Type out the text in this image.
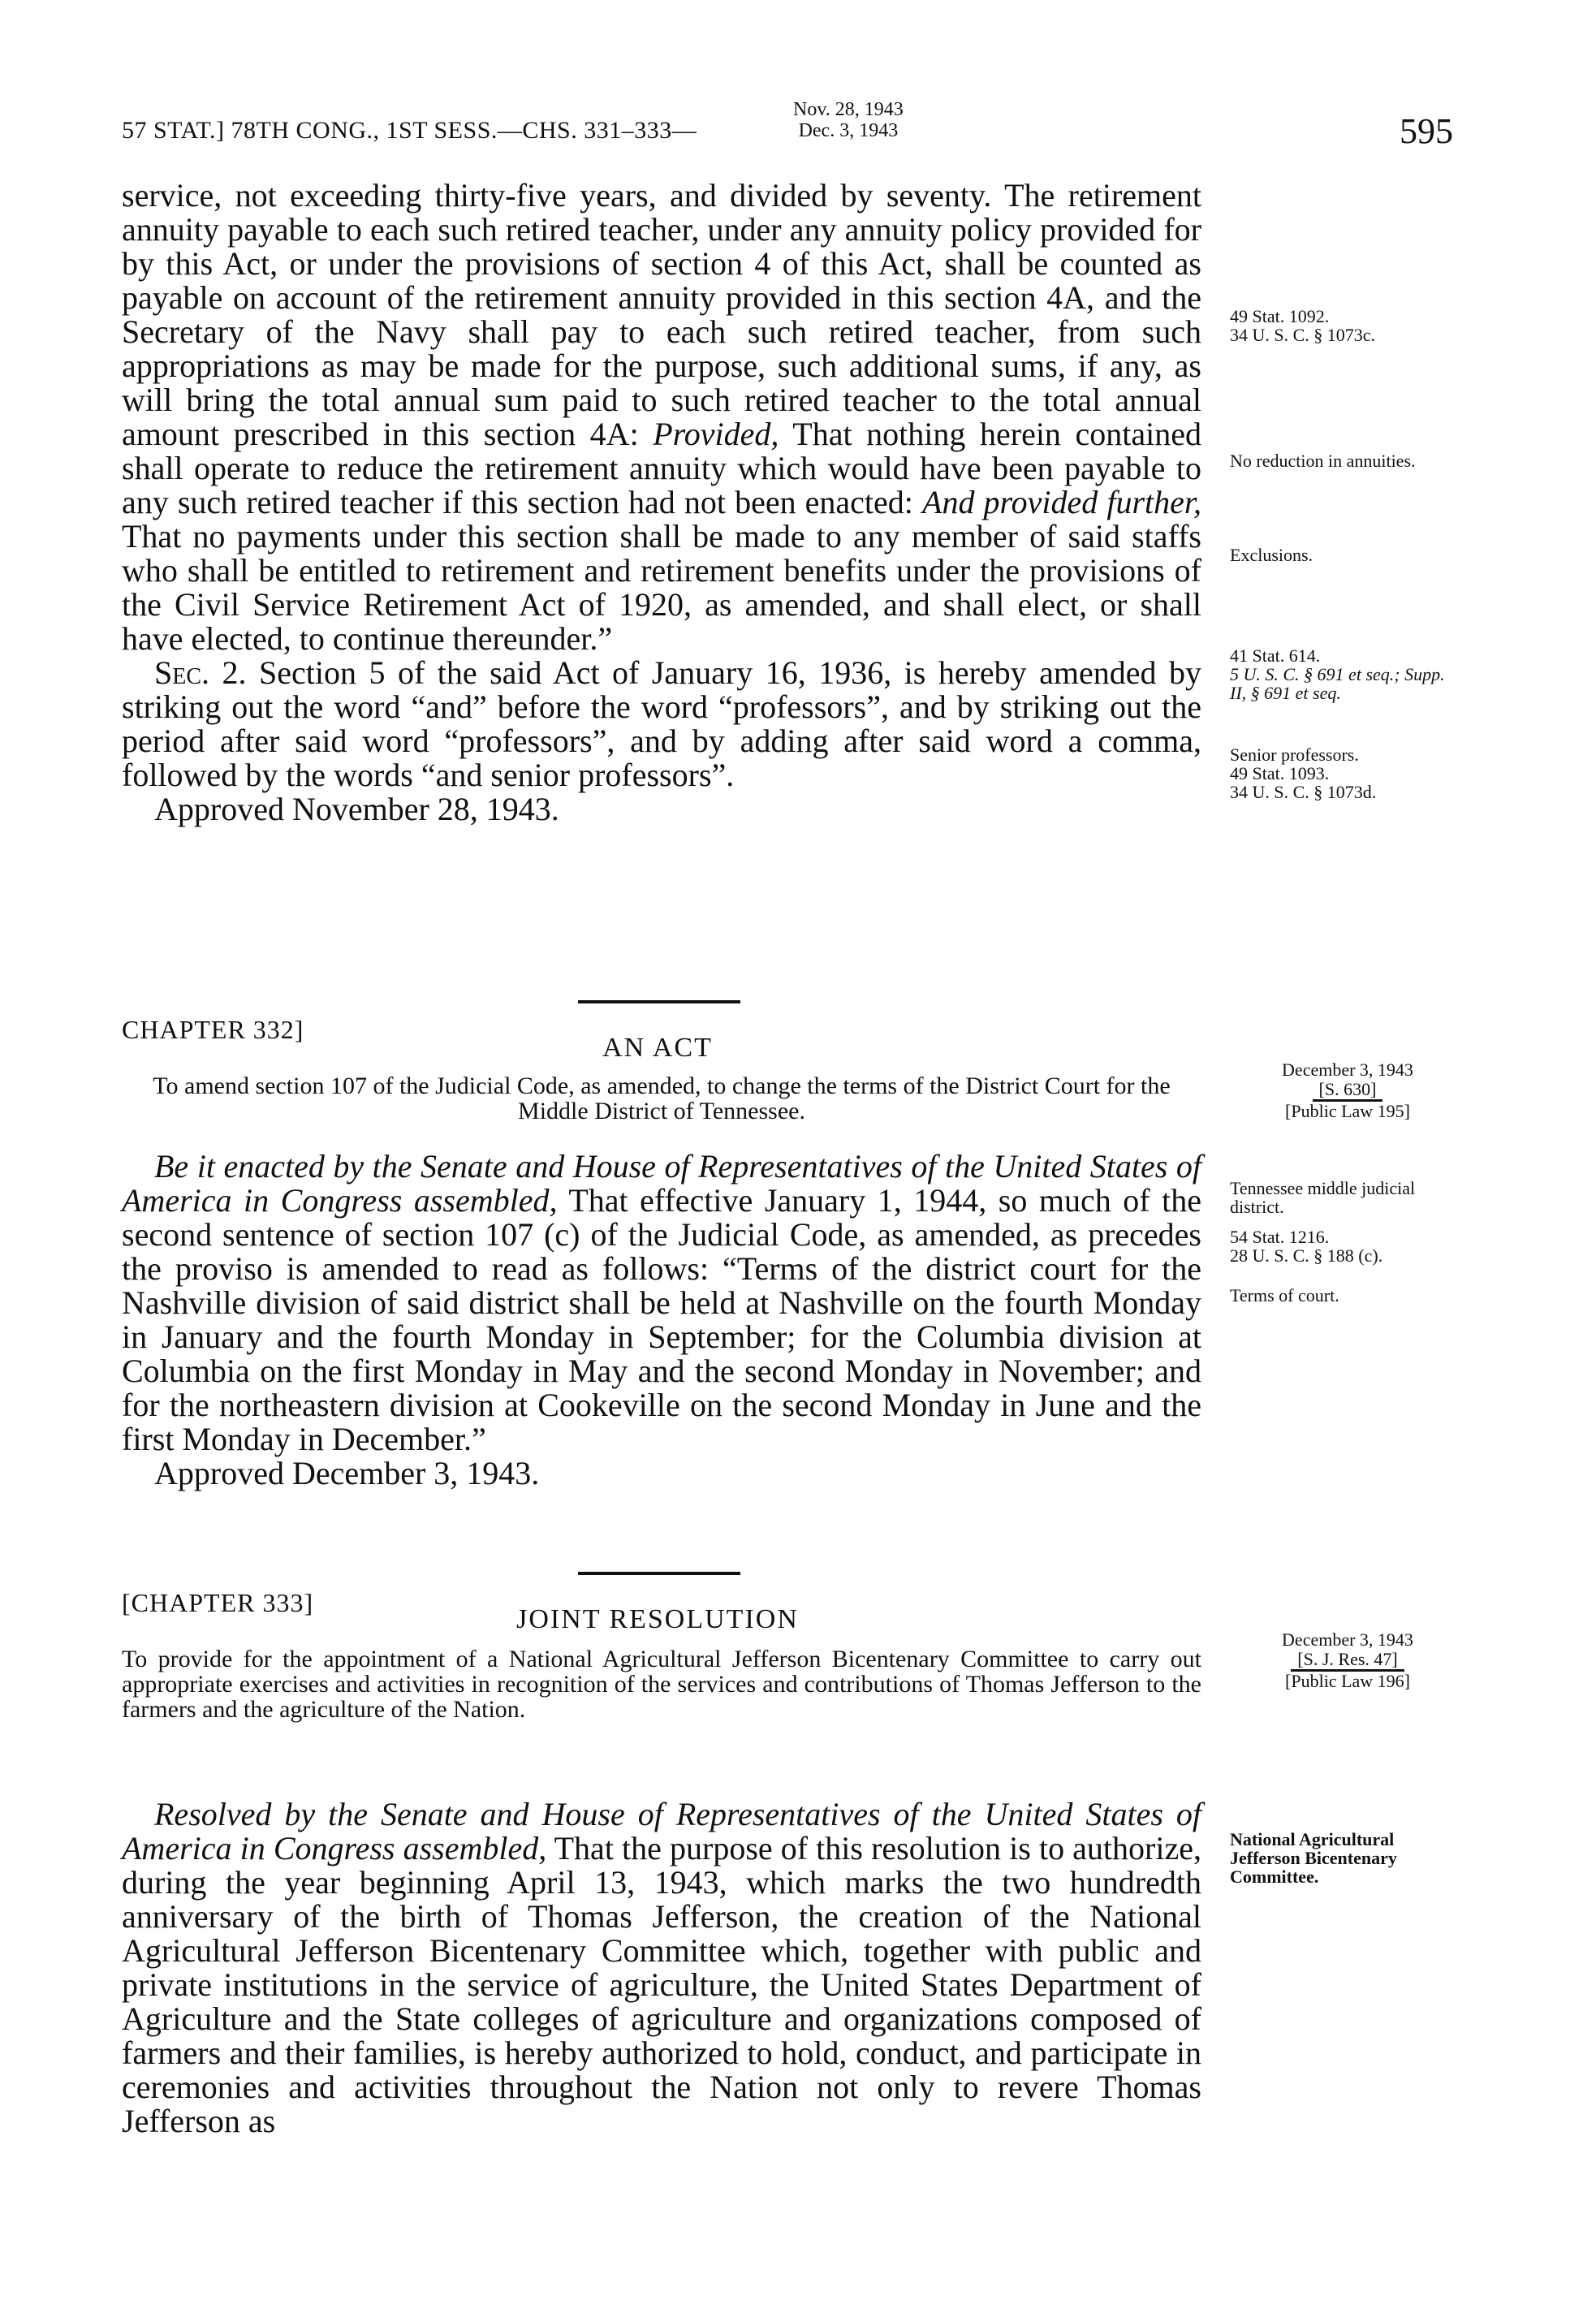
57 STAT.] 78TH CONG., 1ST SESS.—CHS. 331–333—
Nov. 28, 1943
Dec. 3, 1943	595

service, not exceeding thirty-five years, and divided by seventy. The retirement annuity payable to each such retired teacher, under any annuity policy provided for by this Act, or under the provisions of section 4 of this Act, shall be counted as payable on account of the retirement annuity provided in this section 4A, and the Secretary of the Navy shall pay to each such retired teacher, from such appropriations as may be made for the purpose, such additional sums, if any, as will bring the total annual sum paid to such retired teacher to the total annual amount prescribed in this section 4A: Provided, That nothing herein contained shall operate to reduce the retirement annuity which would have been payable to any such retired teacher if this section had not been enacted: And provided further, That no payments under this section shall be made to any member of said staffs who shall be entitled to retirement and retirement benefits under the provisions of the Civil Service Retirement Act of 1920, as amended, and shall elect, or shall have elected, to continue thereunder.”

Sec. 2. Section 5 of the said Act of January 16, 1936, is hereby amended by striking out the word “and” before the word “professors”, and by striking out the period after said word “professors”, and by adding after said word a comma, followed by the words “and senior professors”.

Approved November 28, 1943.

49 Stat. 1092.
34 U. S. C. § 1073c.
No reduction in annuities.
Exclusions.
41 Stat. 614.
5 U. S. C. § 691 et seq.; Supp. II, § 691 et seq.
Senior professors.
49 Stat. 1093.
34 U. S. C. § 1073d.
CHAPTER 332]
AN ACT
To amend section 107 of the Judicial Code, as amended, to change the terms of the District Court for the Middle District of Tennessee.
December 3, 1943
[S. 630]
[Public Law 195]

Be it enacted by the Senate and House of Representatives of the United States of America in Congress assembled, That effective January 1, 1944, so much of the second sentence of section 107 (c) of the Judicial Code, as amended, as precedes the proviso is amended to read as follows: “Terms of the district court for the Nashville division of said district shall be held at Nashville on the fourth Monday in January and the fourth Monday in September; for the Columbia division at Columbia on the first Monday in May and the second Monday in November; and for the northeastern division at Cookeville on the second Monday in June and the first Monday in December.”

Approved December 3, 1943.

Tennessee middle judicial district.
54 Stat. 1216.
28 U. S. C. § 188 (c).
Terms of court.
[CHAPTER 333]
JOINT RESOLUTION
To provide for the appointment of a National Agricultural Jefferson Bicentenary Committee to carry out appropriate exercises and activities in recognition of the services and contributions of Thomas Jefferson to the farmers and the agriculture of the Nation.
December 3, 1943
[S. J. Res. 47]
[Public Law 196]

Resolved by the Senate and House of Representatives of the United States of America in Congress assembled, That the purpose of this resolution is to authorize, during the year beginning April 13, 1943, which marks the two hundredth anniversary of the birth of Thomas Jefferson, the creation of the National Agricultural Jefferson Bicentenary Committee which, together with public and private institutions in the service of agriculture, the United States Department of Agriculture and the State colleges of agriculture and organizations composed of farmers and their families, is hereby authorized to hold, conduct, and participate in ceremonies and activities throughout the Nation not only to revere Thomas Jefferson as

National Agricultural Jefferson Bicentenary Committee.
